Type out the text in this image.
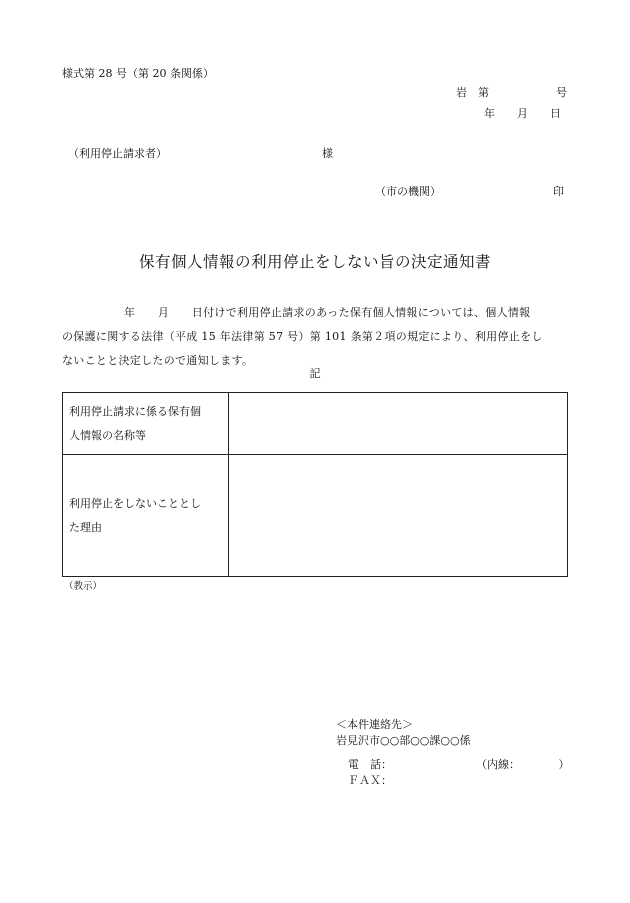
様式第 28 号（第 20 条関係）
岩　第	号
年　　月　　日
（利用停止請求者）	様
（市の機関）	印
保有個人情報の利用停止をしない旨の決定通知書
年　　月　　日付けで利用停止請求のあった保有個人情報については、個人情報
の保護に関する法律（平成 15 年法律第 57 号）第 101 条第２項の規定により、利用停止をし
ないことと決定したので通知します。
記
利用停止請求に係る保有個
人情報の名称等	

利用停止をしないこととし
た理由	

（教示）
＜本件連絡先＞
岩見沢市○○部○○課○○係
電　話：	（内線：　　　　）
ＦＡＸ：
